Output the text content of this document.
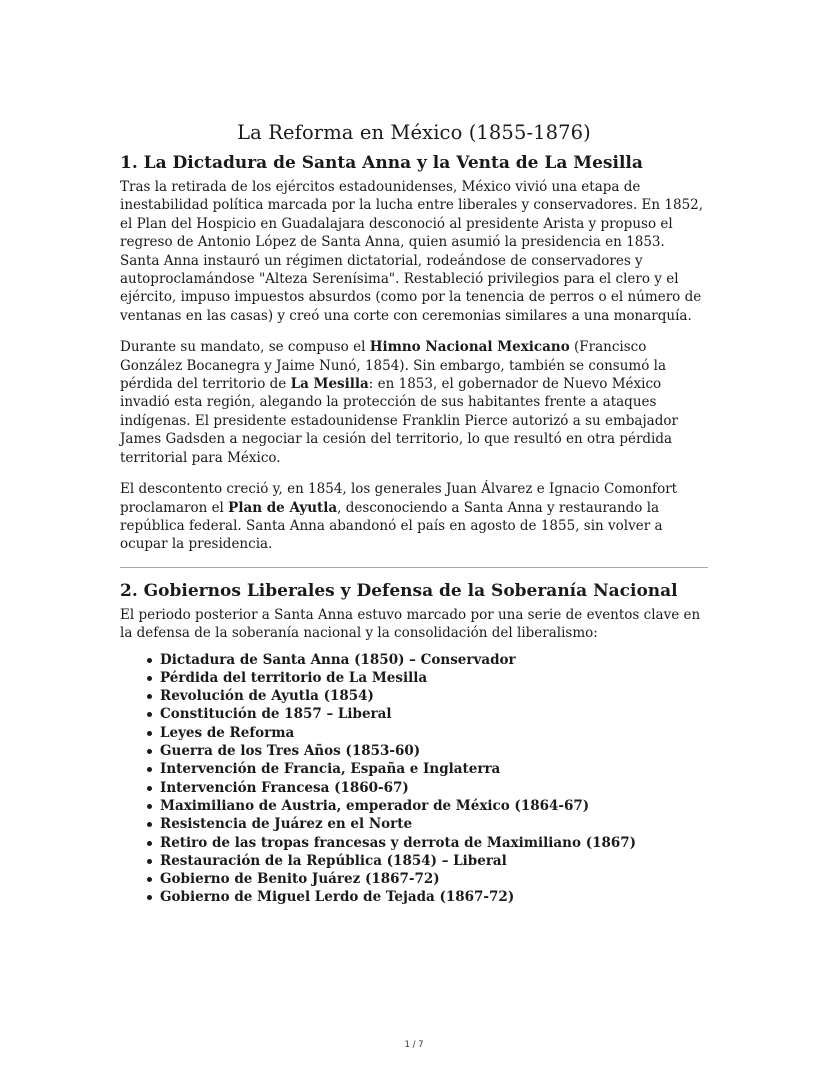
La Reforma en México (1855-1876)
1. La Dictadura de Santa Anna y la Venta de La Mesilla

Tras la retirada de los ejércitos estadounidenses, México vivió una etapa de inestabilidad política marcada por la lucha entre liberales y conservadores. En 1852, el Plan del Hospicio en Guadalajara desconoció al presidente Arista y propuso el regreso de Antonio López de Santa Anna, quien asumió la presidencia en 1853. Santa Anna instauró un régimen dictatorial, rodeándose de conservadores y autoproclamándose "Alteza Serenísima". Restableció privilegios para el clero y el ejército, impuso impuestos absurdos (como por la tenencia de perros o el número de ventanas en las casas) y creó una corte con ceremonias similares a una monarquía.

Durante su mandato, se compuso el Himno Nacional Mexicano (Francisco González Bocanegra y Jaime Nunó, 1854). Sin embargo, también se consumó la pérdida del territorio de La Mesilla: en 1853, el gobernador de Nuevo México invadió esta región, alegando la protección de sus habitantes frente a ataques indígenas. El presidente estadounidense Franklin Pierce autorizó a su embajador James Gadsden a negociar la cesión del territorio, lo que resultó en otra pérdida territorial para México.

El descontento creció y, en 1854, los generales Juan Álvarez e Ignacio Comonfort proclamaron el Plan de Ayutla, desconociendo a Santa Anna y restaurando la república federal. Santa Anna abandonó el país en agosto de 1855, sin volver a ocupar la presidencia.

2. Gobiernos Liberales y Defensa de la Soberanía Nacional

El periodo posterior a Santa Anna estuvo marcado por una serie de eventos clave en la defensa de la soberanía nacional y la consolidación del liberalismo:

Dictadura de Santa Anna (1850) – Conservador
Pérdida del territorio de La Mesilla
Revolución de Ayutla (1854)
Constitución de 1857 – Liberal
Leyes de Reforma
Guerra de los Tres Años (1853-60)
Intervención de Francia, España e Inglaterra
Intervención Francesa (1860-67)
Maximiliano de Austria, emperador de México (1864-67)
Resistencia de Juárez en el Norte
Retiro de las tropas francesas y derrota de Maximiliano (1867)
Restauración de la República (1854) – Liberal
Gobierno de Benito Juárez (1867-72)
Gobierno de Miguel Lerdo de Tejada (1867-72)
1 / 7
